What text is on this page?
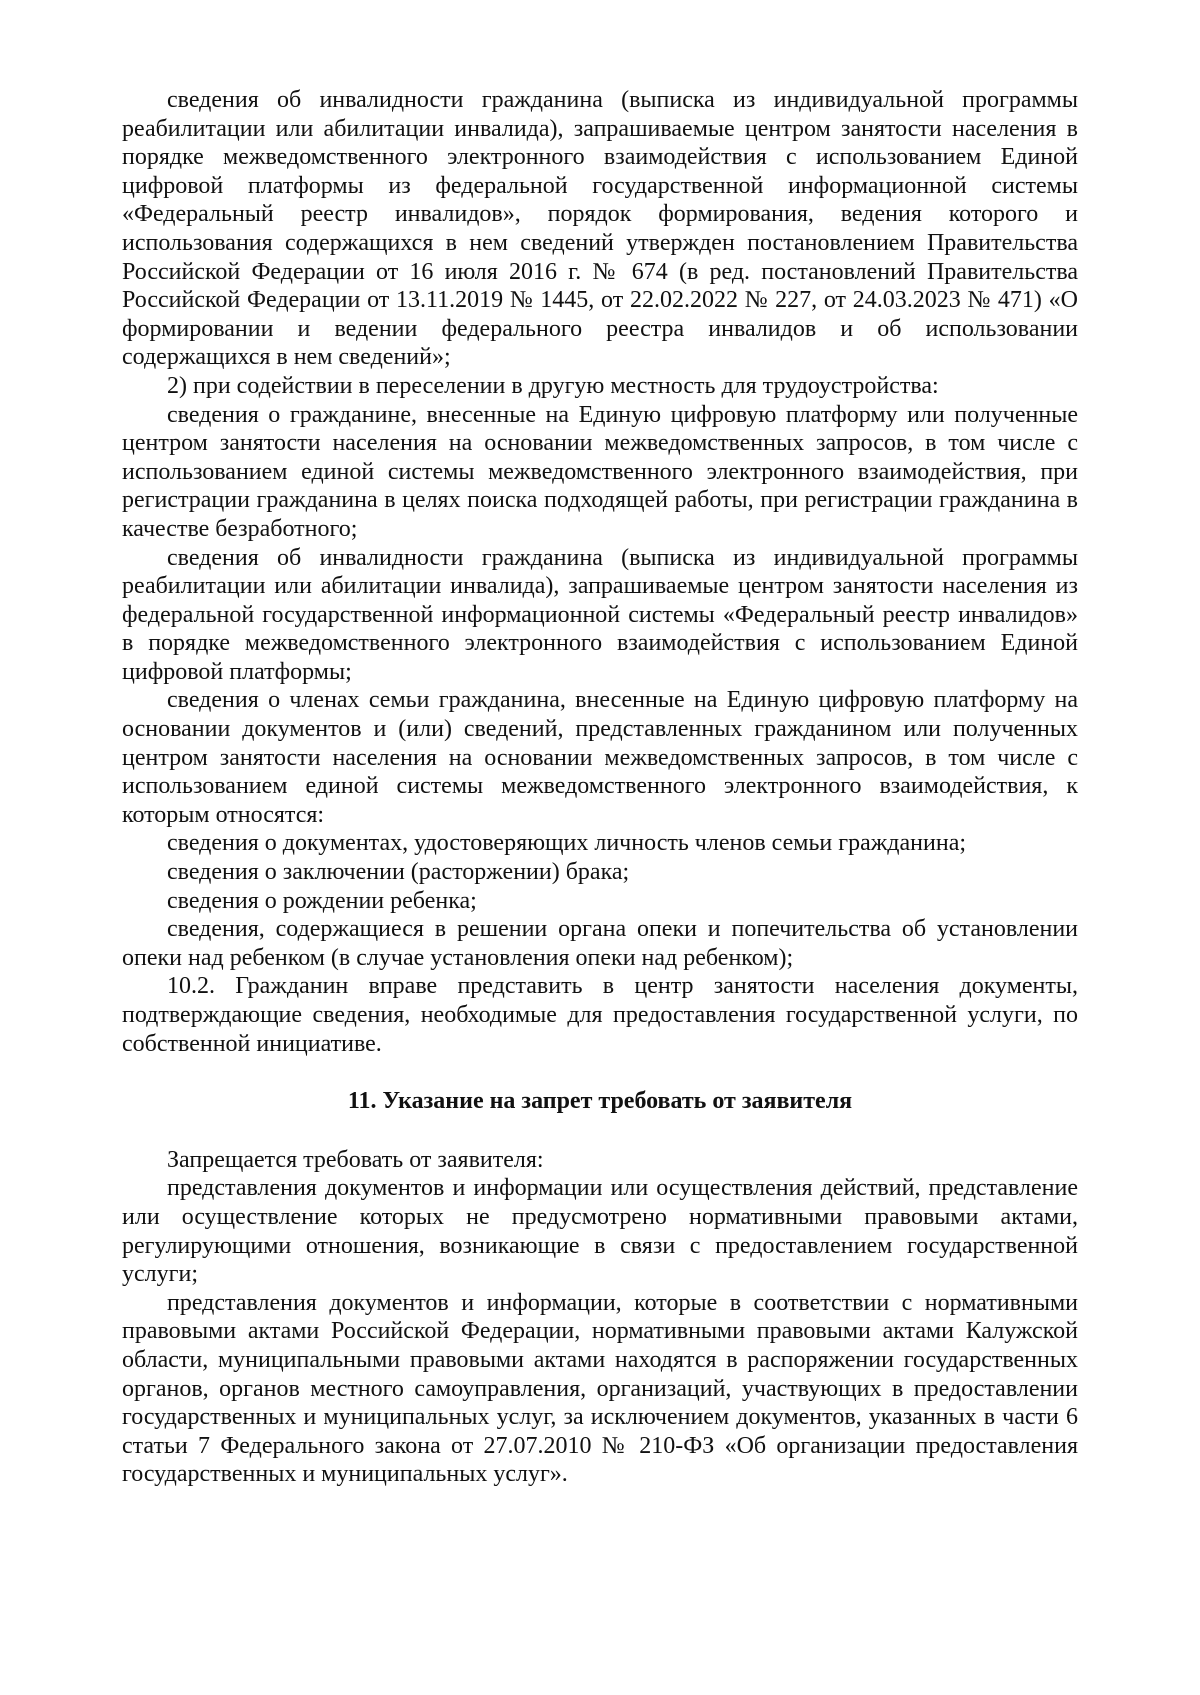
сведения об инвалидности гражданина (выписка из индивидуальной программы реабилитации или абилитации инвалида), запрашиваемые центром занятости населения в порядке межведомственного электронного взаимодействия с использованием Единой цифровой платформы из федеральной государственной информационной системы «Федеральный реестр инвалидов», порядок формирования, ведения которого и использования содержащихся в нем сведений утвержден постановлением Правительства Российской Федерации от 16 июля 2016 г. № 674 (в ред. постановлений Правительства Российской Федерации от 13.11.2019 № 1445, от 22.02.2022 № 227, от 24.03.2023 № 471) «О формировании и ведении федерального реестра инвалидов и об использовании содержащихся в нем сведений»;

2) при содействии в переселении в другую местность для трудоустройства:

сведения о гражданине, внесенные на Единую цифровую платформу или полученные центром занятости населения на основании межведомственных запросов, в том числе с использованием единой системы межведомственного электронного взаимодействия, при регистрации гражданина в целях поиска подходящей работы, при регистрации гражданина в качестве безработного;

сведения об инвалидности гражданина (выписка из индивидуальной программы реабилитации или абилитации инвалида), запрашиваемые центром занятости населения из федеральной государственной информационной системы «Федеральный реестр инвалидов» в порядке межведомственного электронного взаимодействия с использованием Единой цифровой платформы;

сведения о членах семьи гражданина, внесенные на Единую цифровую платформу на основании документов и (или) сведений, представленных гражданином или полученных центром занятости населения на основании межведомственных запросов, в том числе с использованием единой системы межведомственного электронного взаимодействия, к которым относятся:

сведения о документах, удостоверяющих личность членов семьи гражданина;

сведения о заключении (расторжении) брака;

сведения о рождении ребенка;

сведения, содержащиеся в решении органа опеки и попечительства об установлении опеки над ребенком (в случае установления опеки над ребенком);

10.2. Гражданин вправе представить в центр занятости населения документы, подтверждающие сведения, необходимые для предоставления государственной услуги, по собственной инициативе.

11. Указание на запрет требовать от заявителя

Запрещается требовать от заявителя:

представления документов и информации или осуществления действий, представление или осуществление которых не предусмотрено нормативными правовыми актами, регулирующими отношения, возникающие в связи с предоставлением государственной услуги;

представления документов и информации, которые в соответствии с нормативными правовыми актами Российской Федерации, нормативными правовыми актами Калужской области, муниципальными правовыми актами находятся в распоряжении государственных органов, органов местного самоуправления, организаций, участвующих в предоставлении государственных и муниципальных услуг, за исключением документов, указанных в части 6 статьи 7 Федерального закона от 27.07.2010 № 210-ФЗ «Об организации предоставления государственных и муниципальных услуг».
